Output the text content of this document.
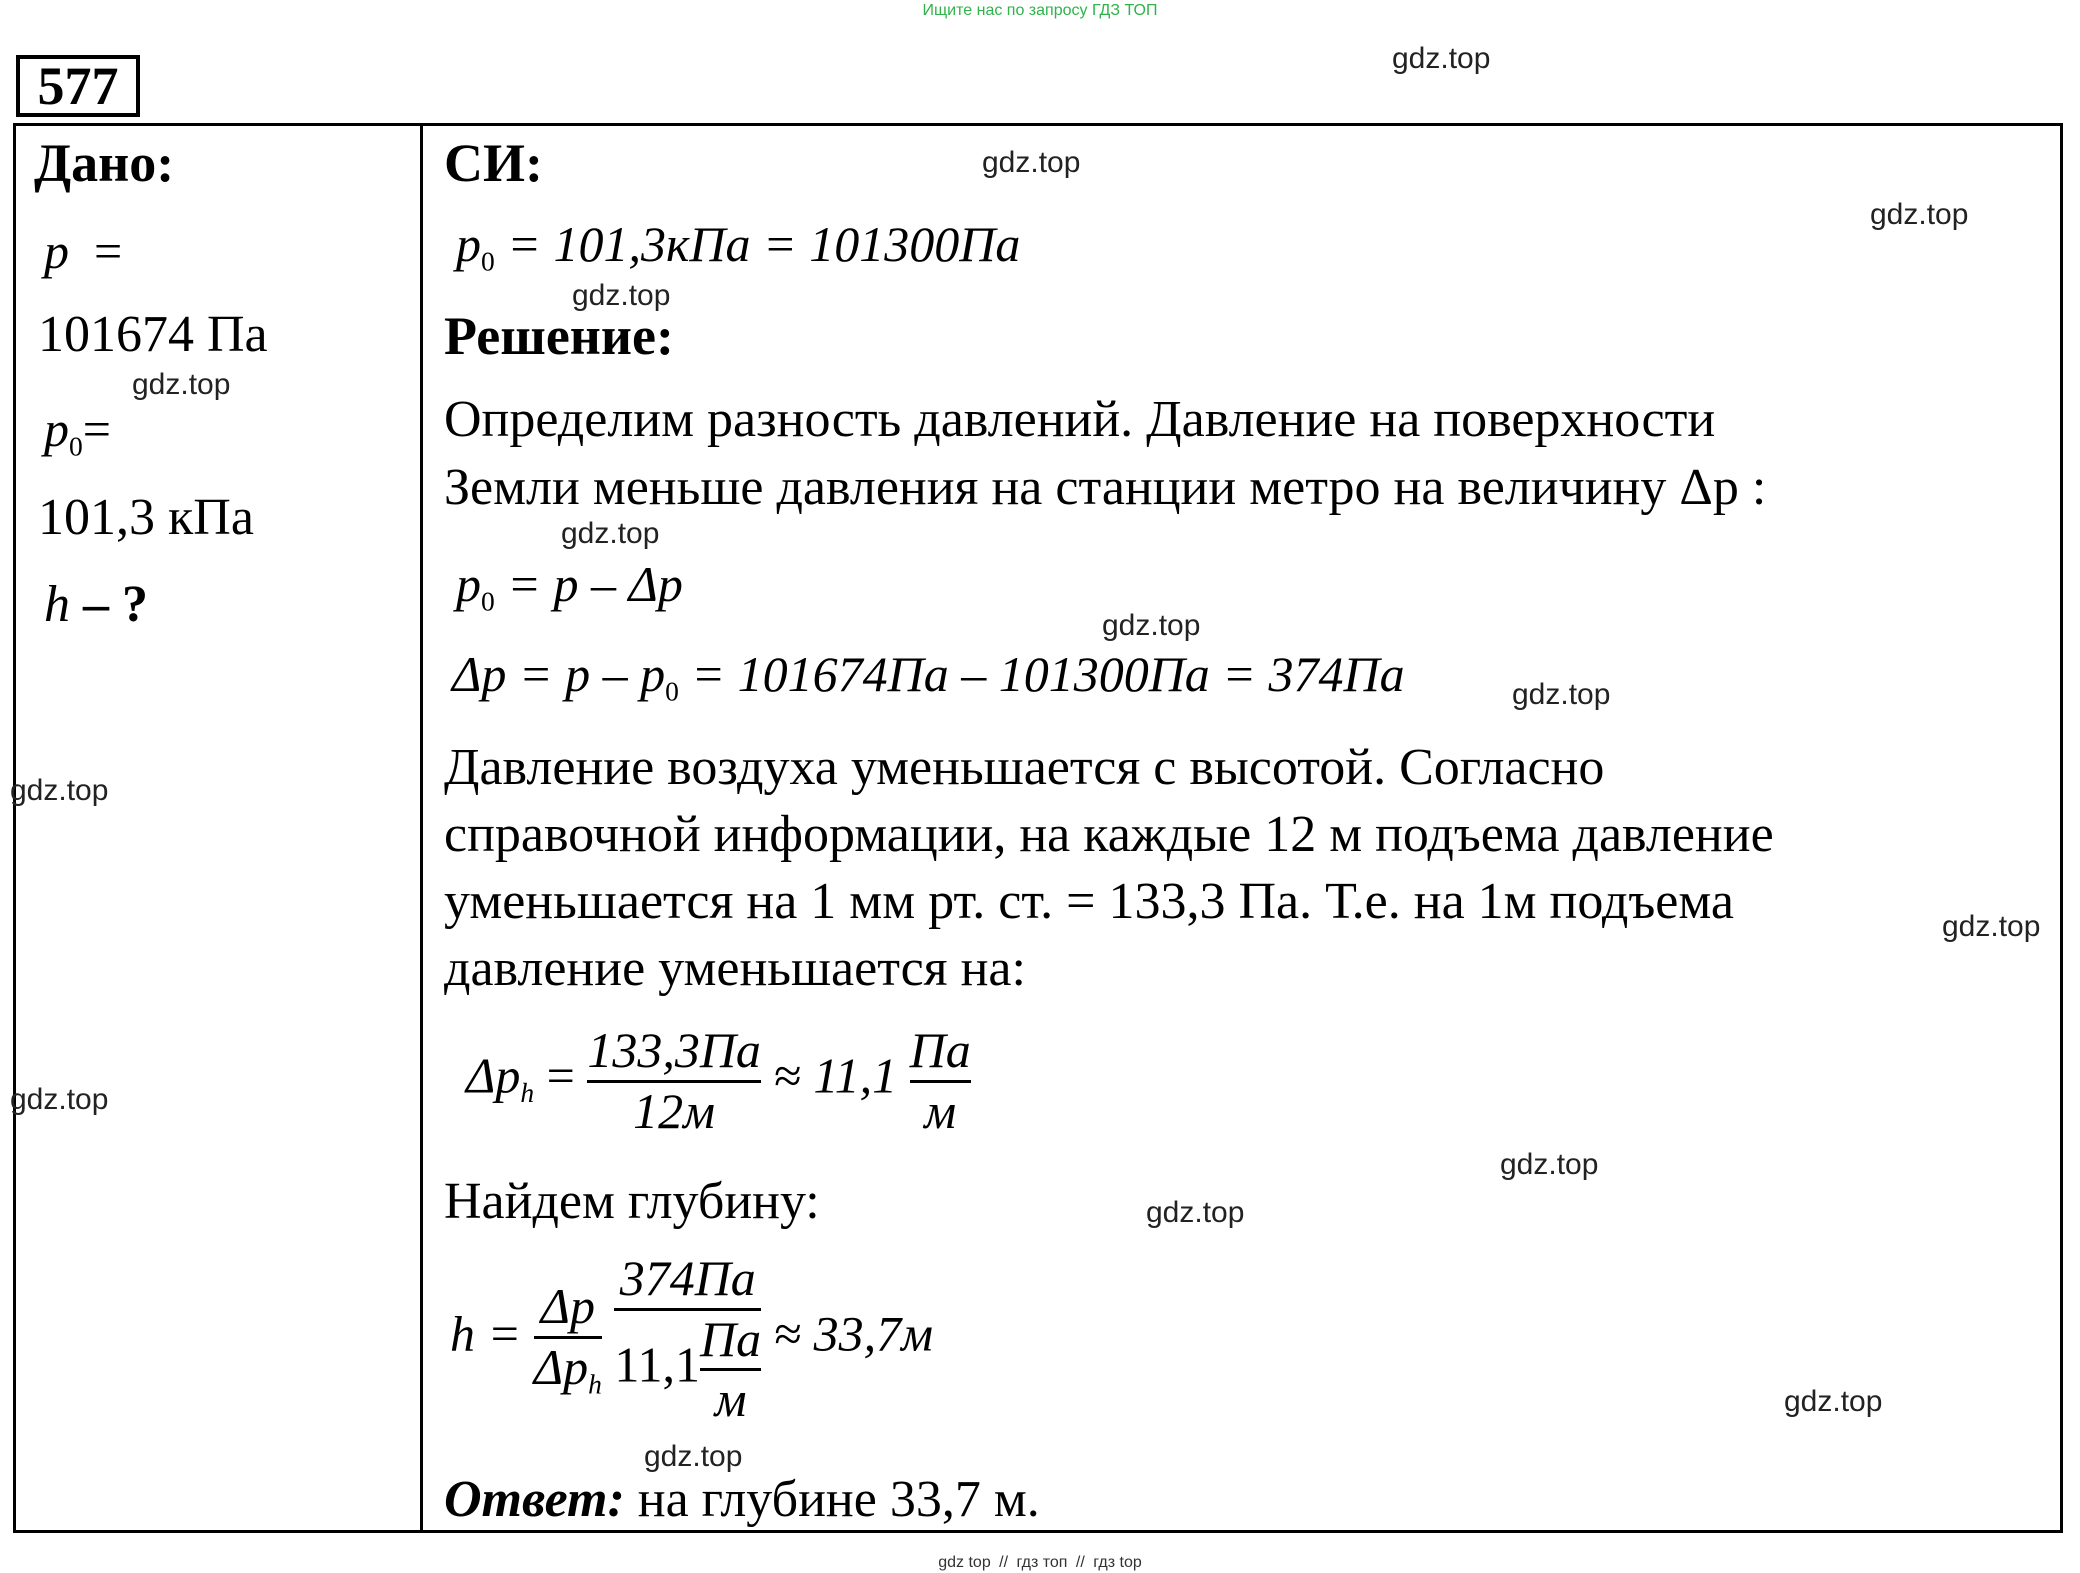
Ищите нас по запросу ГДЗ ТОП
577
Дано:
p =
101674 Па
$p_0=$
101,3 кПа
h – ?
СИ:
$p_0 = 101,3кПа = 101300Па$
Решение:
Определим разность давлений. Давление на поверхности
Земли меньше давления на станции метро на величину Δp :
$p_0 = p - \Delta p$
$\Delta p = p - p_0 = 101674Па - 101300Па = 374Па$
Давление воздуха уменьшается с высотой. Согласно
справочной информации, на каждые 12 м подъема давление
уменьшается на 1 мм рт. ст. = 133,3 Па. Т.е. на 1м подъема
давление уменьшается на:
$\Delta p_h = \frac{133,3Па}{12м} \approx 11,1 \frac{Па}{м}$
Найдем глубину:
$h = \frac{\Delta p}{\Delta p_h}$
$\frac{374Па}{11,1 \frac{Па}{м}} \approx 33,7м$
Ответ: на глубине 33,7 м.
gdz.top
gdz.top
gdz.top
gdz.top
gdz.top
gdz.top
gdz.top
gdz.top
gdz.top
gdz.top
gdz.top
gdz.top
gdz.top
gdz.top
gdz.top
gdz top // гдз топ // гдз top
